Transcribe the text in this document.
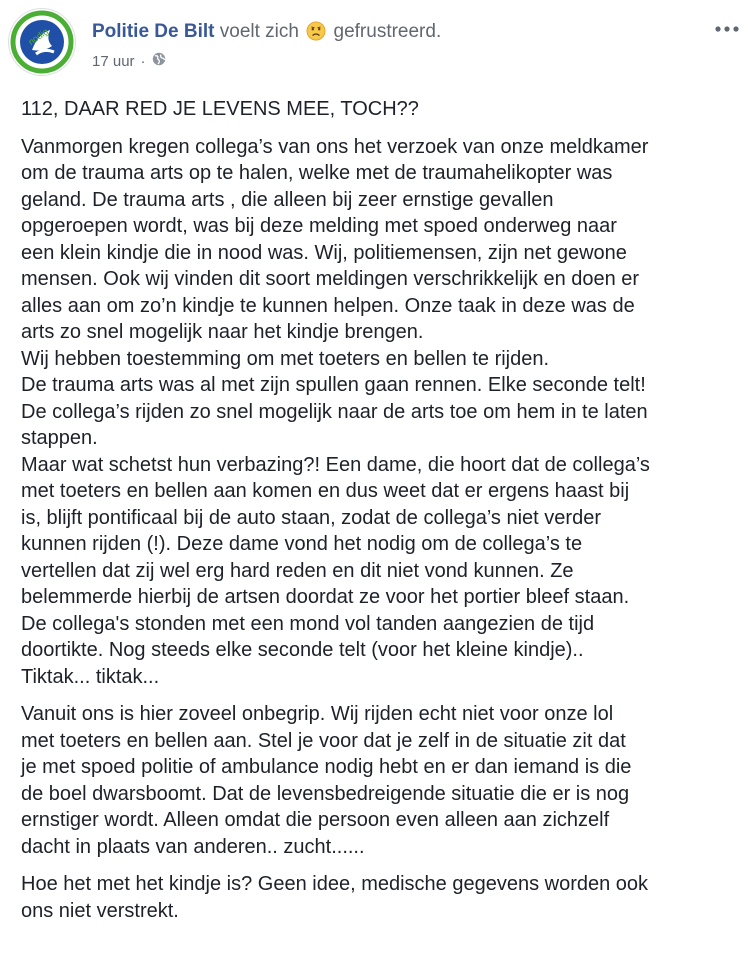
nodig Politie De Bilt voelt zich gefrustreerd.
17 uur ·

112, DAAR RED JE LEVENS MEE, TOCH??

Vanmorgen kregen collega’s van ons het verzoek van onze meldkamer
om de trauma arts op te halen, welke met de traumahelikopter was
geland. De trauma arts , die alleen bij zeer ernstige gevallen
opgeroepen wordt, was bij deze melding met spoed onderweg naar
een klein kindje die in nood was. Wij, politiemensen, zijn net gewone
mensen. Ook wij vinden dit soort meldingen verschrikkelijk en doen er
alles aan om zo’n kindje te kunnen helpen. Onze taak in deze was de
arts zo snel mogelijk naar het kindje brengen.
Wij hebben toestemming om met toeters en bellen te rijden.
De trauma arts was al met zijn spullen gaan rennen. Elke seconde telt!
De collega’s rijden zo snel mogelijk naar de arts toe om hem in te laten
stappen.
Maar wat schetst hun verbazing?! Een dame, die hoort dat de collega’s
met toeters en bellen aan komen en dus weet dat er ergens haast bij
is, blijft pontificaal bij de auto staan, zodat de collega’s niet verder
kunnen rijden (!). Deze dame vond het nodig om de collega’s te
vertellen dat zij wel erg hard reden en dit niet vond kunnen. Ze
belemmerde hierbij de artsen doordat ze voor het portier bleef staan.
De collega's stonden met een mond vol tanden aangezien de tijd
doortikte. Nog steeds elke seconde telt (voor het kleine kindje)..
Tiktak... tiktak...

Vanuit ons is hier zoveel onbegrip. Wij rijden echt niet voor onze lol
met toeters en bellen aan. Stel je voor dat je zelf in de situatie zit dat
je met spoed politie of ambulance nodig hebt en er dan iemand is die
de boel dwarsboomt. Dat de levensbedreigende situatie die er is nog
ernstiger wordt. Alleen omdat die persoon even alleen aan zichzelf
dacht in plaats van anderen.. zucht......

Hoe het met het kindje is? Geen idee, medische gegevens worden ook
ons niet verstrekt.
